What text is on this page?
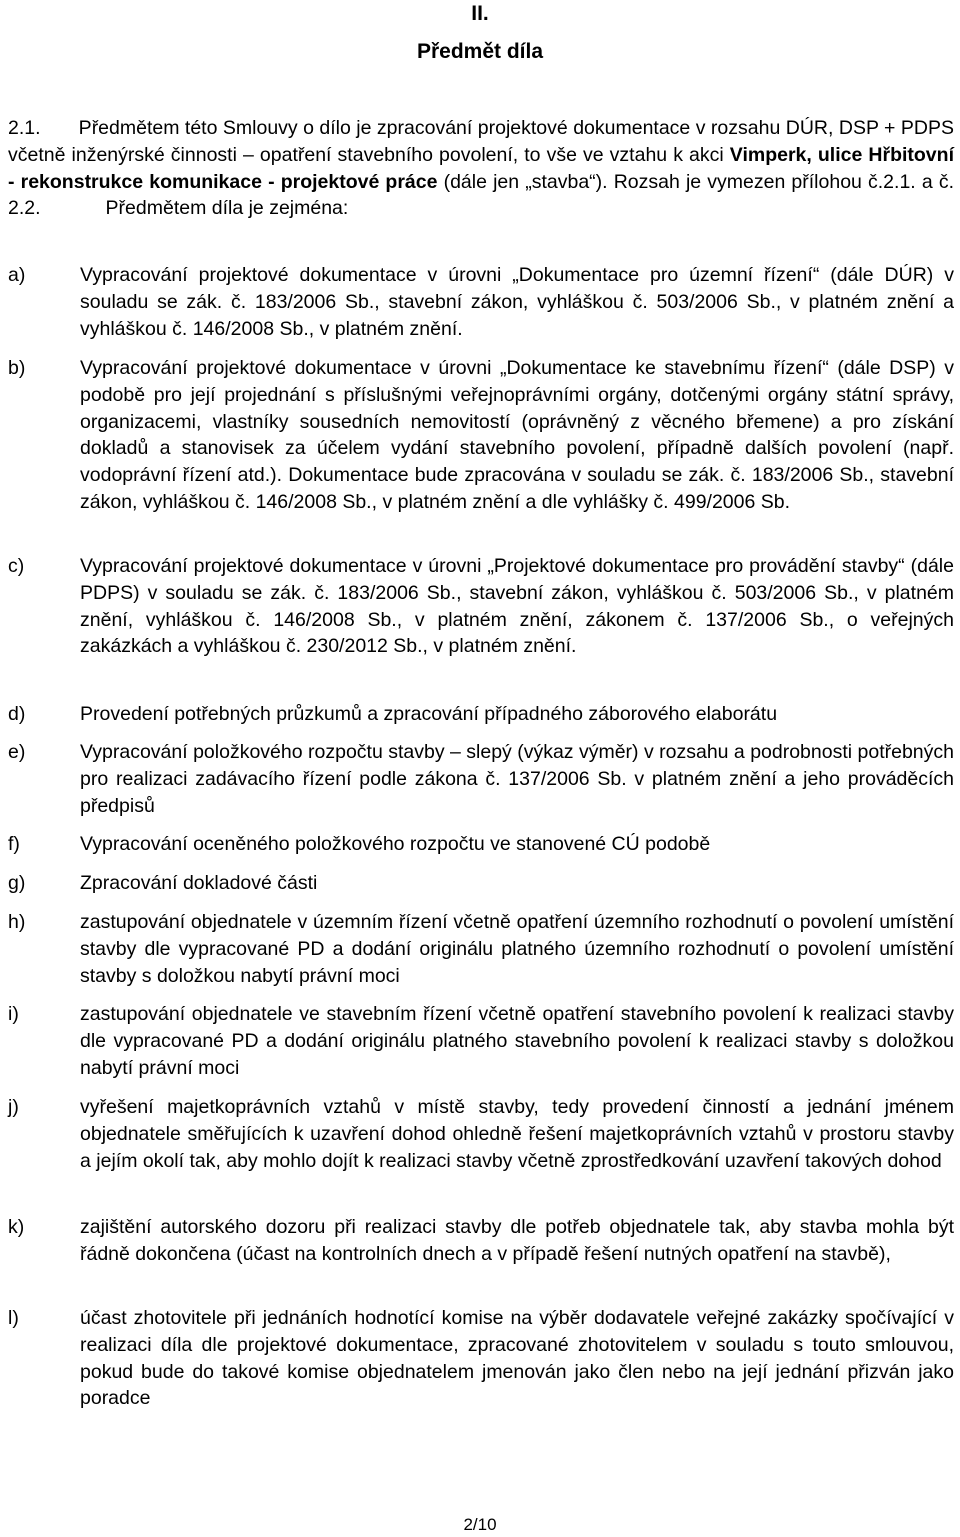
II.
Předmět díla
2.1.       Předmětem této Smlouvy o dílo je zpracování projektové dokumentace v rozsahu DÚR, DSP + PDPS včetně inženýrské činnosti – opatření stavebního povolení, to vše ve vztahu k akci Vimperk, ulice Hřbitovní - rekonstrukce komunikace - projektové práce (dále jen „stavba“). Rozsah je vymezen přílohou č.2.1. a č. 2.2.            Předmětem díla je zejména:
a)	Vypracování projektové dokumentace v úrovni „Dokumentace pro územní řízení“ (dále DÚR) v souladu se zák. č. 183/2006 Sb., stavební zákon, vyhláškou č. 503/2006 Sb., v platném znění a vyhláškou č. 146/2008 Sb., v platném znění.
b)	Vypracování projektové dokumentace v úrovni „Dokumentace ke stavebnímu řízení“ (dále DSP) v podobě pro její projednání s příslušnými veřejnoprávními orgány, dotčenými orgány státní správy, organizacemi, vlastníky sousedních nemovitostí (oprávněný z věcného břemene) a pro získání dokladů a stanovisek za účelem vydání stavebního povolení, případně dalších povolení (např. vodoprávní řízení atd.). Dokumentace bude zpracována v souladu se zák. č. 183/2006 Sb., stavební zákon, vyhláškou č. 146/2008 Sb., v platném znění a dle vyhlášky č. 499/2006 Sb.
c)	Vypracování projektové dokumentace v úrovni „Projektové dokumentace pro provádění stavby“ (dále PDPS) v souladu se zák. č. 183/2006 Sb., stavební zákon, vyhláškou č. 503/2006 Sb., v platném znění, vyhláškou č. 146/2008 Sb., v platném znění, zákonem č. 137/2006 Sb., o veřejných zakázkách a vyhláškou č. 230/2012 Sb., v platném znění.
d)	Provedení potřebných průzkumů a zpracování případného záborového elaborátu
e)	Vypracování položkového rozpočtu stavby – slepý (výkaz výměr) v rozsahu a podrobnosti potřebných pro realizaci zadávacího řízení podle zákona č. 137/2006 Sb. v platném znění a jeho prováděcích předpisů
f)	Vypracování oceněného položkového rozpočtu ve stanovené CÚ podobě
g)	Zpracování dokladové části
h)	zastupování objednatele v územním řízení včetně opatření územního rozhodnutí o povolení umístění stavby dle vypracované PD a dodání originálu platného územního rozhodnutí o povolení umístění stavby s doložkou nabytí právní moci
i)	zastupování objednatele ve stavebním řízení včetně opatření stavebního povolení k realizaci stavby dle vypracované PD a dodání originálu platného stavebního povolení k realizaci stavby s doložkou nabytí právní moci
j)	vyřešení majetkoprávních vztahů v místě stavby, tedy provedení činností a jednání jménem objednatele směřujících k uzavření dohod ohledně řešení majetkoprávních vztahů v prostoru stavby a jejím okolí tak, aby mohlo dojít k realizaci stavby včetně zprostředkování uzavření takových dohod
k)	zajištění autorského dozoru při realizaci stavby dle potřeb objednatele tak, aby stavba mohla být řádně dokončena (účast na kontrolních dnech a v případě řešení nutných opatření na stavbě),
l)	účast zhotovitele při jednáních hodnotící komise na výběr dodavatele veřejné zakázky spočívající v realizaci díla dle projektové dokumentace, zpracované zhotovitelem v souladu s touto smlouvou, pokud bude do takové komise objednatelem jmenován jako člen nebo na její jednání přizván jako poradce
2/10
